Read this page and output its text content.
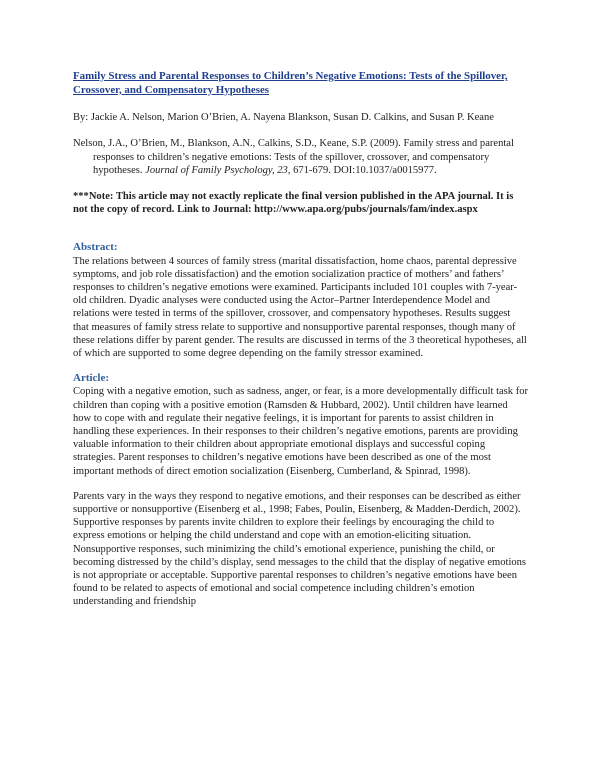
Family Stress and Parental Responses to Children’s Negative Emotions: Tests of the Spillover, Crossover, and Compensatory Hypotheses

By: Jackie A. Nelson, Marion O’Brien, A. Nayena Blankson, Susan D. Calkins, and Susan P. Keane

Nelson, J.A., O’Brien, M., Blankson, A.N., Calkins, S.D., Keane, S.P. (2009). Family stress and parental responses to children’s negative emotions: Tests of the spillover, crossover, and compensatory hypotheses. Journal of Family Psychology, 23, 671-679. DOI:10.1037/a0015977.

***Note: This article may not exactly replicate the final version published in the APA journal. It is not the copy of record. Link to Journal: http://www.apa.org/pubs/journals/fam/index.aspx

Abstract:

The relations between 4 sources of family stress (marital dissatisfaction, home chaos, parental depressive symptoms, and job role dissatisfaction) and the emotion socialization practice of mothers’ and fathers’ responses to children’s negative emotions were examined. Participants included 101 couples with 7-year-old children. Dyadic analyses were conducted using the Actor–Partner Interdependence Model and relations were tested in terms of the spillover, crossover, and compensatory hypotheses. Results suggest that measures of family stress relate to supportive and nonsupportive parental responses, though many of these relations differ by parent gender. The results are discussed in terms of the 3 theoretical hypotheses, all of which are supported to some degree depending on the family stressor examined.

Article:

Coping with a negative emotion, such as sadness, anger, or fear, is a more developmentally difficult task for children than coping with a positive emotion (Ramsden & Hubbard, 2002). Until children have learned how to cope with and regulate their negative feelings, it is important for parents to assist children in handling these experiences. In their responses to their children’s negative emotions, parents are providing valuable information to their children about appropriate emotional displays and successful coping strategies. Parent responses to children’s negative emotions have been described as one of the most important methods of direct emotion socialization (Eisenberg, Cumberland, & Spinrad, 1998).

Parents vary in the ways they respond to negative emotions, and their responses can be described as either supportive or nonsupportive (Eisenberg et al., 1998; Fabes, Poulin, Eisenberg, & Madden-Derdich, 2002). Supportive responses by parents invite children to explore their feelings by encouraging the child to express emotions or helping the child understand and cope with an emotion-eliciting situation. Nonsupportive responses, such minimizing the child’s emotional experience, punishing the child, or becoming distressed by the child’s display, send messages to the child that the display of negative emotions is not appropriate or acceptable. Supportive parental responses to children’s negative emotions have been found to be related to aspects of emotional and social competence including children’s emotion understanding and friendship
